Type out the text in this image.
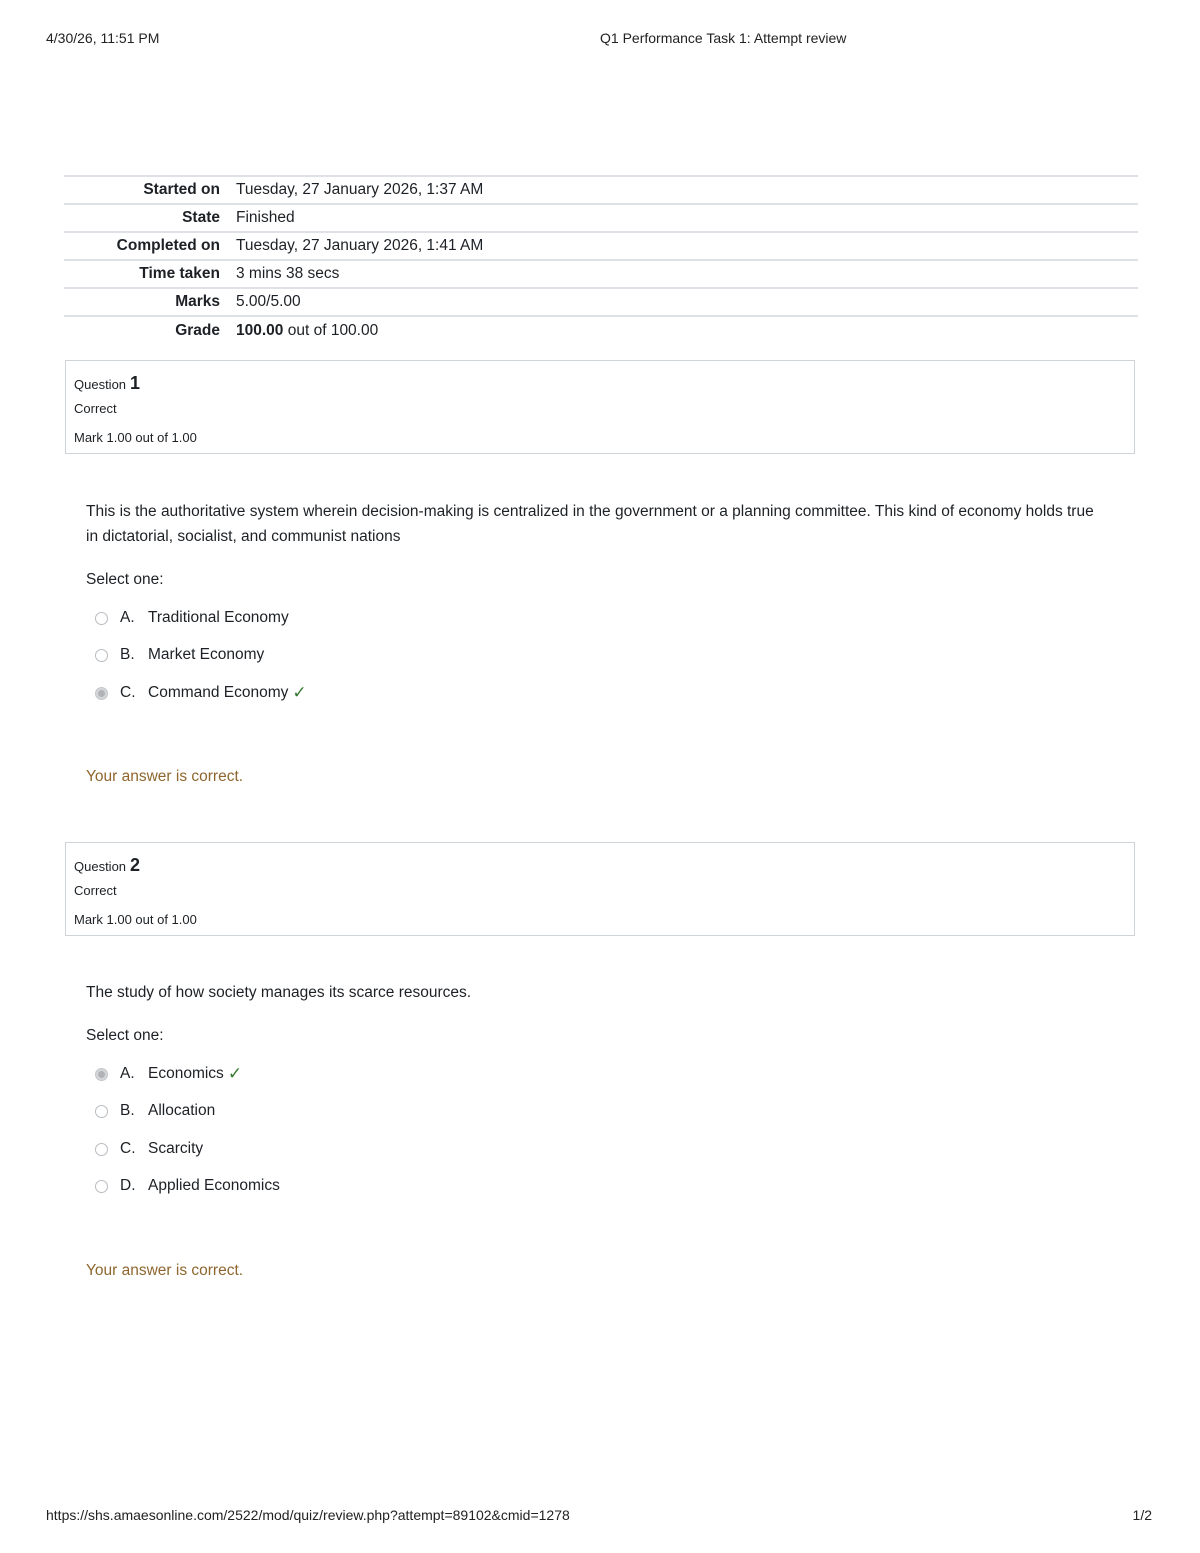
4/30/26, 11:51 PM	Q1 Performance Task 1: Attempt review
Started on	Tuesday, 27 January 2026, 1:37 AM
State	Finished
Completed on	Tuesday, 27 January 2026, 1:41 AM
Time taken	3 mins 38 secs
Marks	5.00/5.00
Grade	100.00 out of 100.00
Question 1
Correct
Mark 1.00 out of 1.00
This is the authoritative system wherein decision-making is centralized in the government or a planning committee. This kind of economy holds true in dictatorial, socialist, and communist nations
Select one:
A. Traditional Economy
B. Market Economy
C. Command Economy ✓
Your answer is correct.
Question 2
Correct
Mark 1.00 out of 1.00
The study of how society manages its scarce resources.
Select one:
A. Economics ✓
B. Allocation
C. Scarcity
D. Applied Economics
Your answer is correct.
https://shs.amaesonline.com/2522/mod/quiz/review.php?attempt=89102&cmid=1278	1/2
